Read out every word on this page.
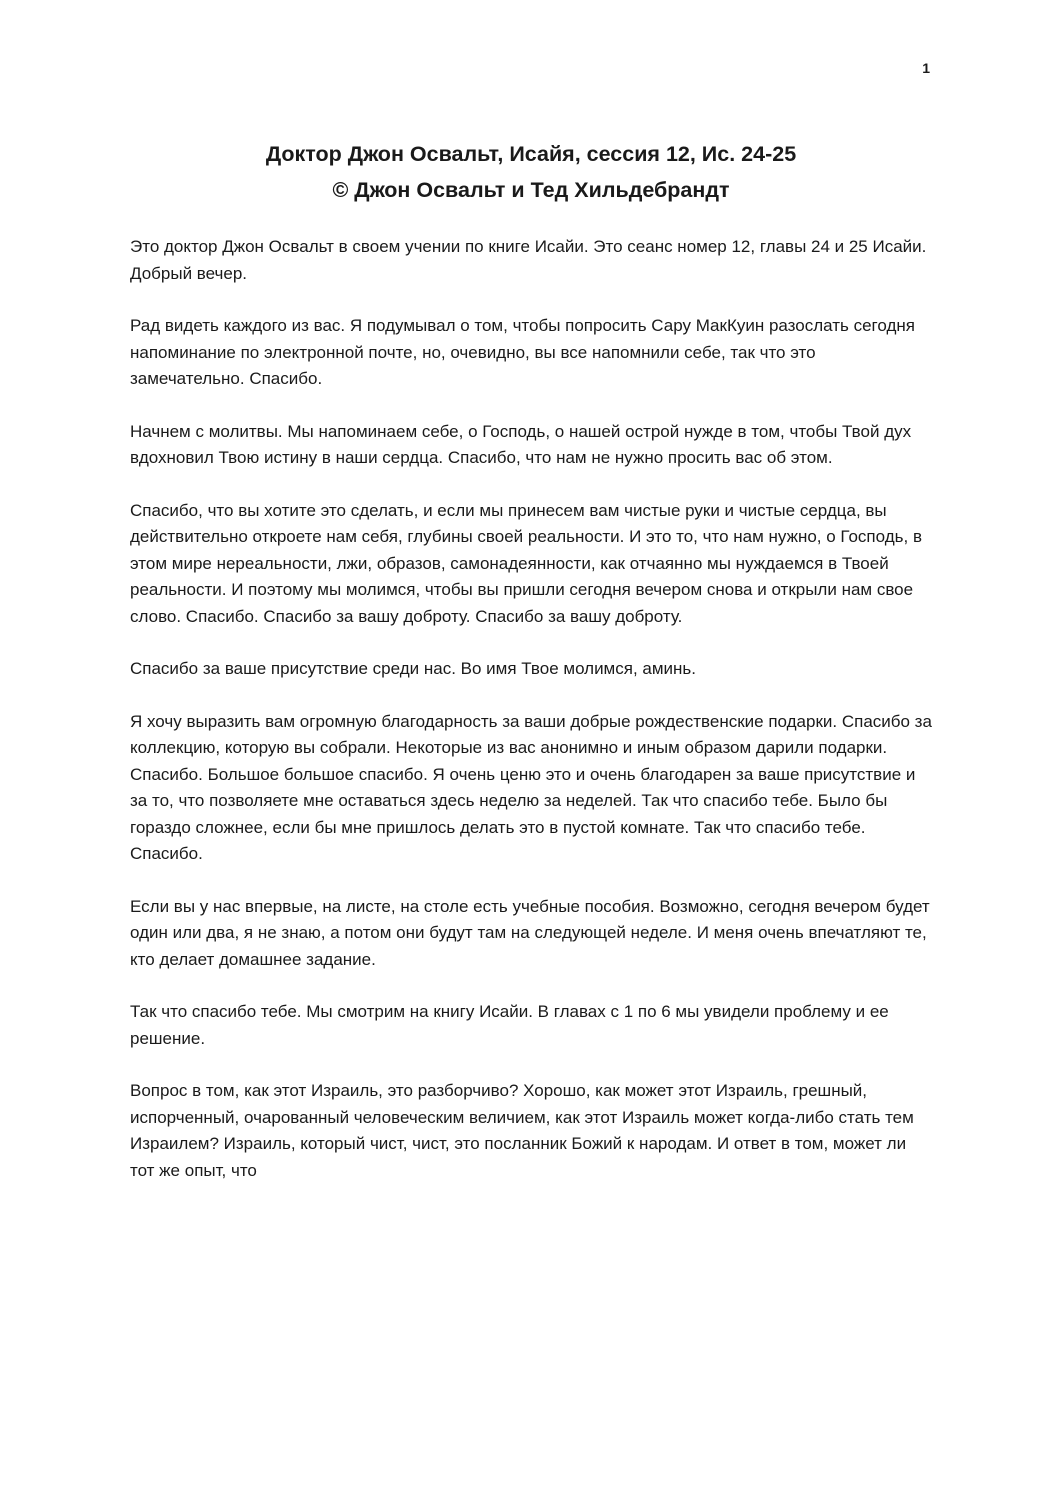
1
Доктор Джон Освальт, Исайя, сессия 12, Ис. 24-25
© Джон Освальт и Тед Хильдебрандт

Это доктор Джон Освальт в своем учении по книге Исайи. Это сеанс номер 12, главы 24 и 25 Исайи. Добрый вечер.

Рад видеть каждого из вас. Я подумывал о том, чтобы попросить Сару МакКуин разослать сегодня напоминание по электронной почте, но, очевидно, вы все напомнили себе, так что это замечательно. Спасибо.

Начнем с молитвы. Мы напоминаем себе, о Господь, о нашей острой нужде в том, чтобы Твой дух вдохновил Твою истину в наши сердца. Спасибо, что нам не нужно просить вас об этом.

Спасибо, что вы хотите это сделать, и если мы принесем вам чистые руки и чистые сердца, вы действительно откроете нам себя, глубины своей реальности. И это то, что нам нужно, о Господь, в этом мире нереальности, лжи, образов, самонадеянности, как отчаянно мы нуждаемся в Твоей реальности. И поэтому мы молимся, чтобы вы пришли сегодня вечером снова и открыли нам свое слово. Спасибо. Спасибо за вашу доброту. Спасибо за вашу доброту.

Спасибо за ваше присутствие среди нас. Во имя Твое молимся, аминь.

Я хочу выразить вам огромную благодарность за ваши добрые рождественские подарки. Спасибо за коллекцию, которую вы собрали. Некоторые из вас анонимно и иным образом дарили подарки. Спасибо. Большое большое спасибо. Я очень ценю это и очень благодарен за ваше присутствие и за то, что позволяете мне оставаться здесь неделю за неделей. Так что спасибо тебе. Было бы гораздо сложнее, если бы мне пришлось делать это в пустой комнате. Так что спасибо тебе. Спасибо.

Если вы у нас впервые, на листе, на столе есть учебные пособия. Возможно, сегодня вечером будет один или два, я не знаю, а потом они будут там на следующей неделе. И меня очень впечатляют те, кто делает домашнее задание.

Так что спасибо тебе. Мы смотрим на книгу Исайи. В главах с 1 по 6 мы увидели проблему и ее решение.

Вопрос в том, как этот Израиль, это разборчиво? Хорошо, как может этот Израиль, грешный, испорченный, очарованный человеческим величием, как этот Израиль может когда-либо стать тем Израилем? Израиль, который чист, чист, это посланник Божий к народам. И ответ в том, может ли тот же опыт, что
